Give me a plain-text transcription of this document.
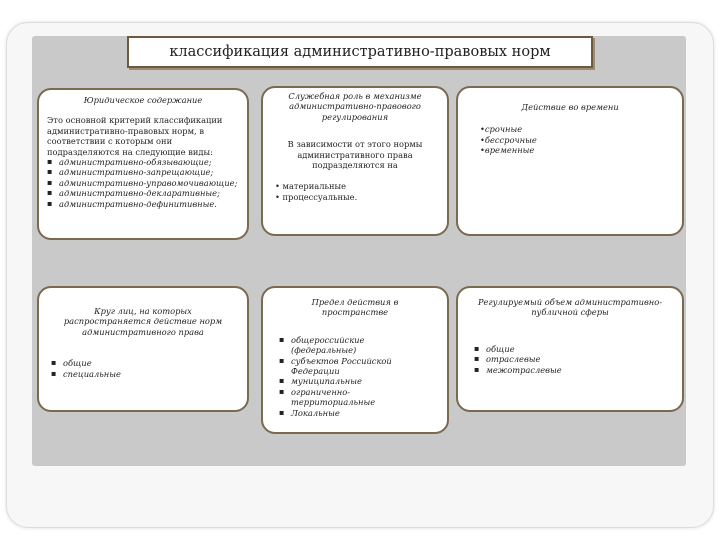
классификация административно-правовых норм
Юридическое содержание
Это основной критерий классификации административно-правовых норм, в соответствии с которым они подразделяются на следующие виды:
▪ административно-обязывающие;
▪ административно-запрещающие;
▪ административно-управомочивающие;
▪ административно-декларативные;
▪ административно-дефинитивные.
Служебная роль в механизме административно-правового регулирования
В зависимости от этого нормы административного права подразделяются на
• материальные
• процессуальные.
Действие во времени
•срочные
•бессрочные
•временные
Круг лиц, на которых распространяется действие норм административного права
▪ общие
▪ специальные
Предел действия в пространстве
▪ общероссийские (федеральные)
▪ субъектов Российской Федерации
▪ муниципальные
▪ ограниченно-территориальные
▪ Локальные
Регулируемый объем административно-публичной сферы
▪ общие
▪ отраслевые
▪ межотраслевые
